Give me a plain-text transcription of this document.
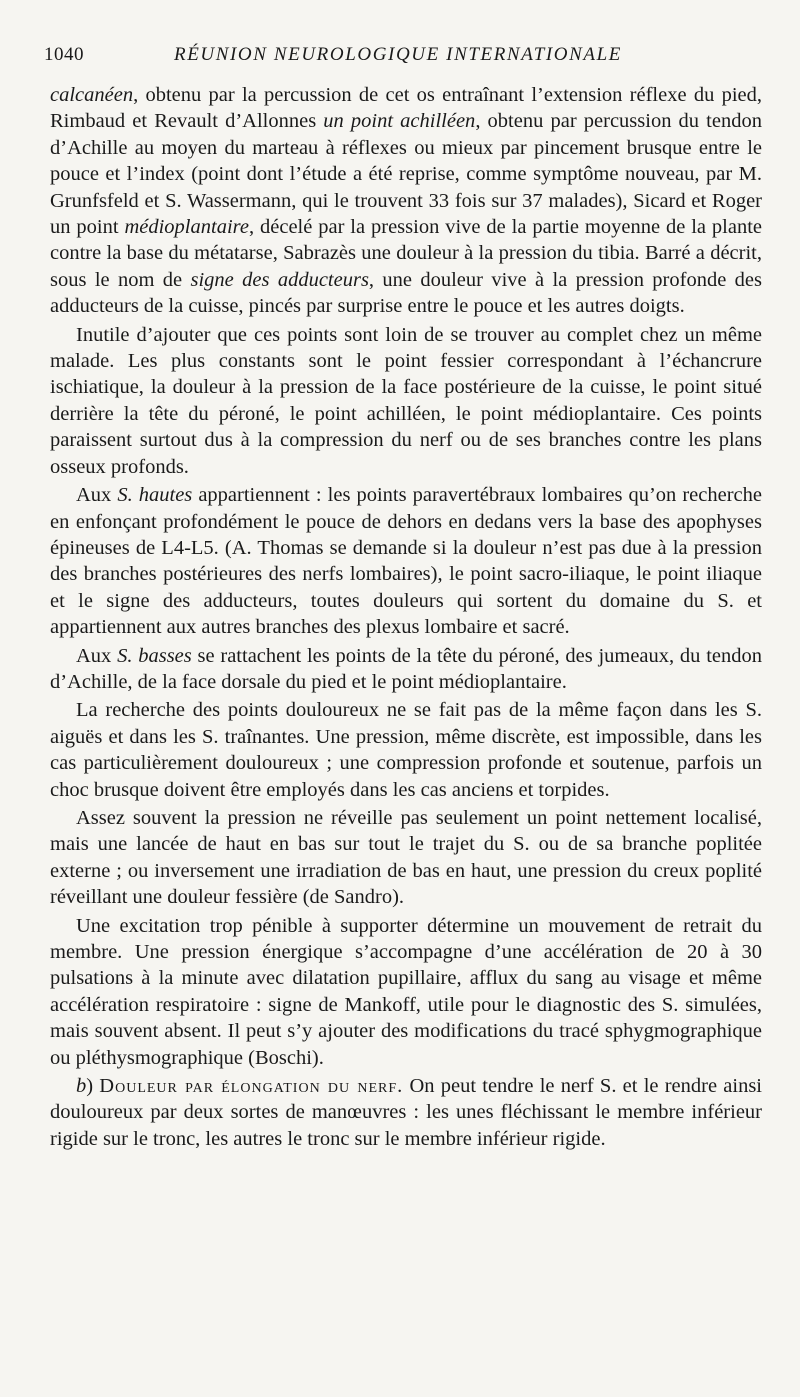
1040	RÉUNION NEUROLOGIQUE INTERNATIONALE

calcanéen, obtenu par la percussion de cet os entraînant l’extension réflexe du pied, Rimbaud et Revault d’Allonnes un point achilléen, obtenu par percussion du tendon d’Achille au moyen du marteau à réflexes ou mieux par pincement brusque entre le pouce et l’index (point dont l’étude a été reprise, comme symptôme nouveau, par M. Grunfsfeld et S. Wassermann, qui le trouvent 33 fois sur 37 malades), Sicard et Roger un point médioplantaire, décelé par la pression vive de la partie moyenne de la plante contre la base du métatarse, Sabrazès une douleur à la pression du tibia. Barré a décrit, sous le nom de signe des adducteurs, une douleur vive à la pression profonde des adducteurs de la cuisse, pincés par surprise entre le pouce et les autres doigts.

Inutile d’ajouter que ces points sont loin de se trouver au complet chez un même malade. Les plus constants sont le point fessier correspondant à l’échancrure ischiatique, la douleur à la pression de la face postérieure de la cuisse, le point situé derrière la tête du péroné, le point achilléen, le point médioplantaire. Ces points paraissent surtout dus à la compression du nerf ou de ses branches contre les plans osseux profonds.

Aux S. hautes appartiennent : les points paravertébraux lombaires qu’on recherche en enfonçant profondément le pouce de dehors en dedans vers la base des apophyses épineuses de L4-L5. (A. Thomas se demande si la douleur n’est pas due à la pression des branches postérieures des nerfs lombaires), le point sacro-iliaque, le point iliaque et le signe des adducteurs, toutes douleurs qui sortent du domaine du S. et appartiennent aux autres branches des plexus lombaire et sacré.

Aux S. basses se rattachent les points de la tête du péroné, des jumeaux, du tendon d’Achille, de la face dorsale du pied et le point médioplantaire.

La recherche des points douloureux ne se fait pas de la même façon dans les S. aiguës et dans les S. traînantes. Une pression, même discrète, est impossible, dans les cas particulièrement douloureux ; une compression profonde et soutenue, parfois un choc brusque doivent être employés dans les cas anciens et torpides.

Assez souvent la pression ne réveille pas seulement un point nettement localisé, mais une lancée de haut en bas sur tout le trajet du S. ou de sa branche poplitée externe ; ou inversement une irradiation de bas en haut, une pression du creux poplité réveillant une douleur fessière (de Sandro).

Une excitation trop pénible à supporter détermine un mouvement de retrait du membre. Une pression énergique s’accompagne d’une accélération de 20 à 30 pulsations à la minute avec dilatation pupillaire, afflux du sang au visage et même accélération respiratoire : signe de Mankoff, utile pour le diagnostic des S. simulées, mais souvent absent. Il peut s’y ajouter des modifications du tracé sphygmographique ou pléthysmographique (Boschi).

b) Douleur par élongation du nerf. On peut tendre le nerf S. et le rendre ainsi douloureux par deux sortes de manœuvres : les unes fléchissant le membre inférieur rigide sur le tronc, les autres le tronc sur le membre inférieur rigide.
